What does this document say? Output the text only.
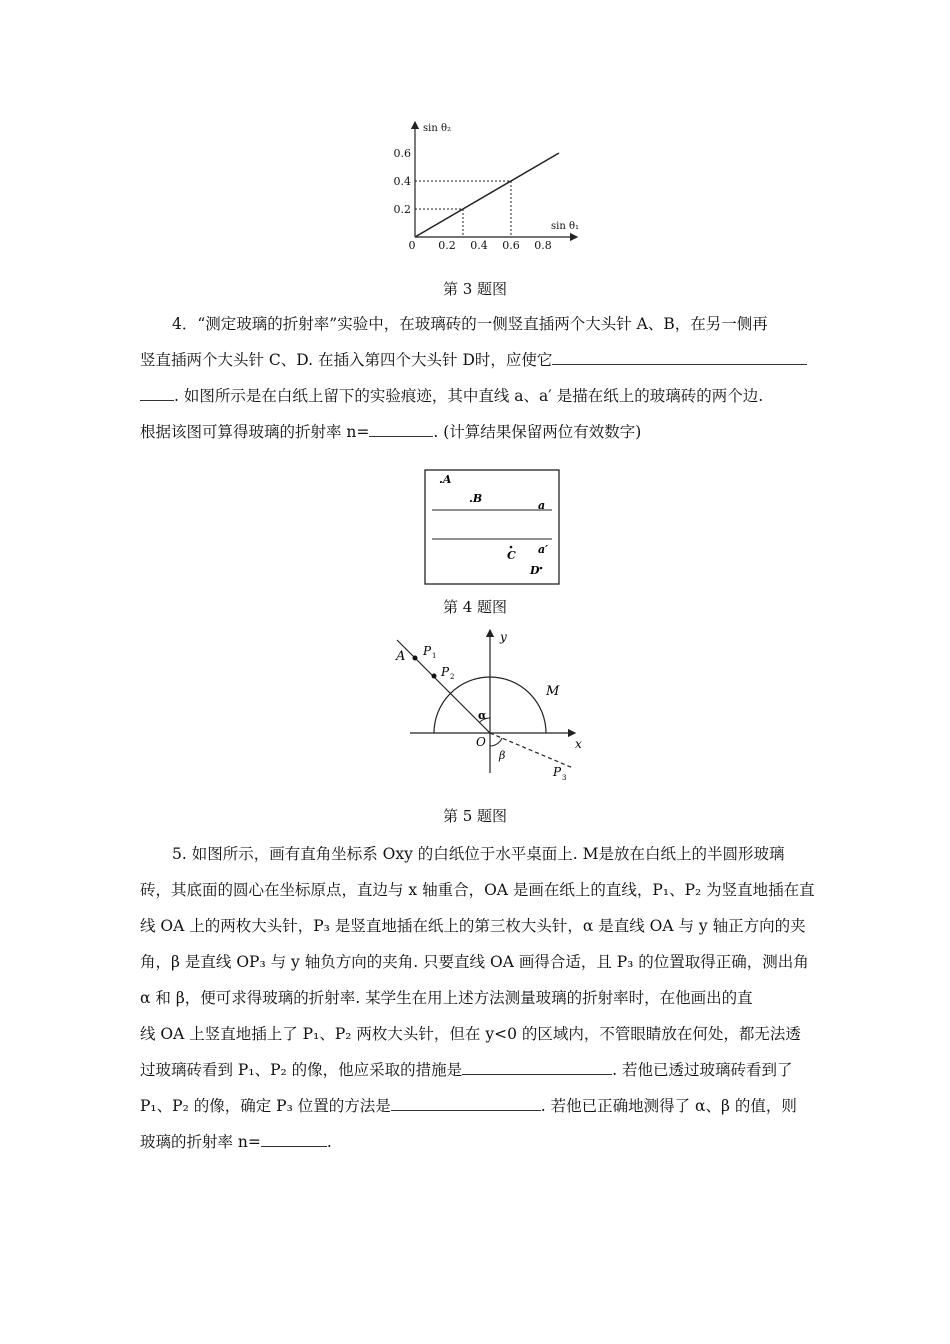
0 0.2 0.4 0.6 0.8
0.2
0.4
0.6
sin θ₂
sin θ₁
第 3 题图
4．“测定玻璃的折射率”实验中，在玻璃砖的一侧竖直插两个大头针 A、B，在另一侧再
竖直插两个大头针 C、D. 在插入第四个大头针 D时，应使它
. 如图所示是在白纸上留下的实验痕迹，其中直线 a、a′ 是描在纸上的玻璃砖的两个边.
根据该图可算得玻璃的折射率 n=	. (计算结果保留两位有效数字)
.A
.B
a
a′
C
D
第 4 题图
A P 1
P 2
M
α
β
O	x
y
P 3
第 5 题图
5. 如图所示，画有直角坐标系 Oxy 的白纸位于水平桌面上. M是放在白纸上的半圆形玻璃
砖，其底面的圆心在坐标原点，直边与 x 轴重合，OA 是画在纸上的直线，P₁、P₂ 为竖直地插在直
线 OA 上的两枚大头针，P₃ 是竖直地插在纸上的第三枚大头针，α 是直线 OA 与 y 轴正方向的夹
角，β 是直线 OP₃ 与 y 轴负方向的夹角. 只要直线 OA 画得合适，且 P₃ 的位置取得正确，测出角
α 和 β，便可求得玻璃的折射率. 某学生在用上述方法测量玻璃的折射率时，在他画出的直
线 OA 上竖直地插上了 P₁、P₂ 两枚大头针，但在 y<0 的区域内，不管眼睛放在何处，都无法透
过玻璃砖看到 P₁、P₂ 的像，他应采取的措施是	. 若他已透过玻璃砖看到了
P₁、P₂ 的像，确定 P₃ 位置的方法是	. 若他已正确地测得了 α、β 的值，则
玻璃的折射率 n=	.
